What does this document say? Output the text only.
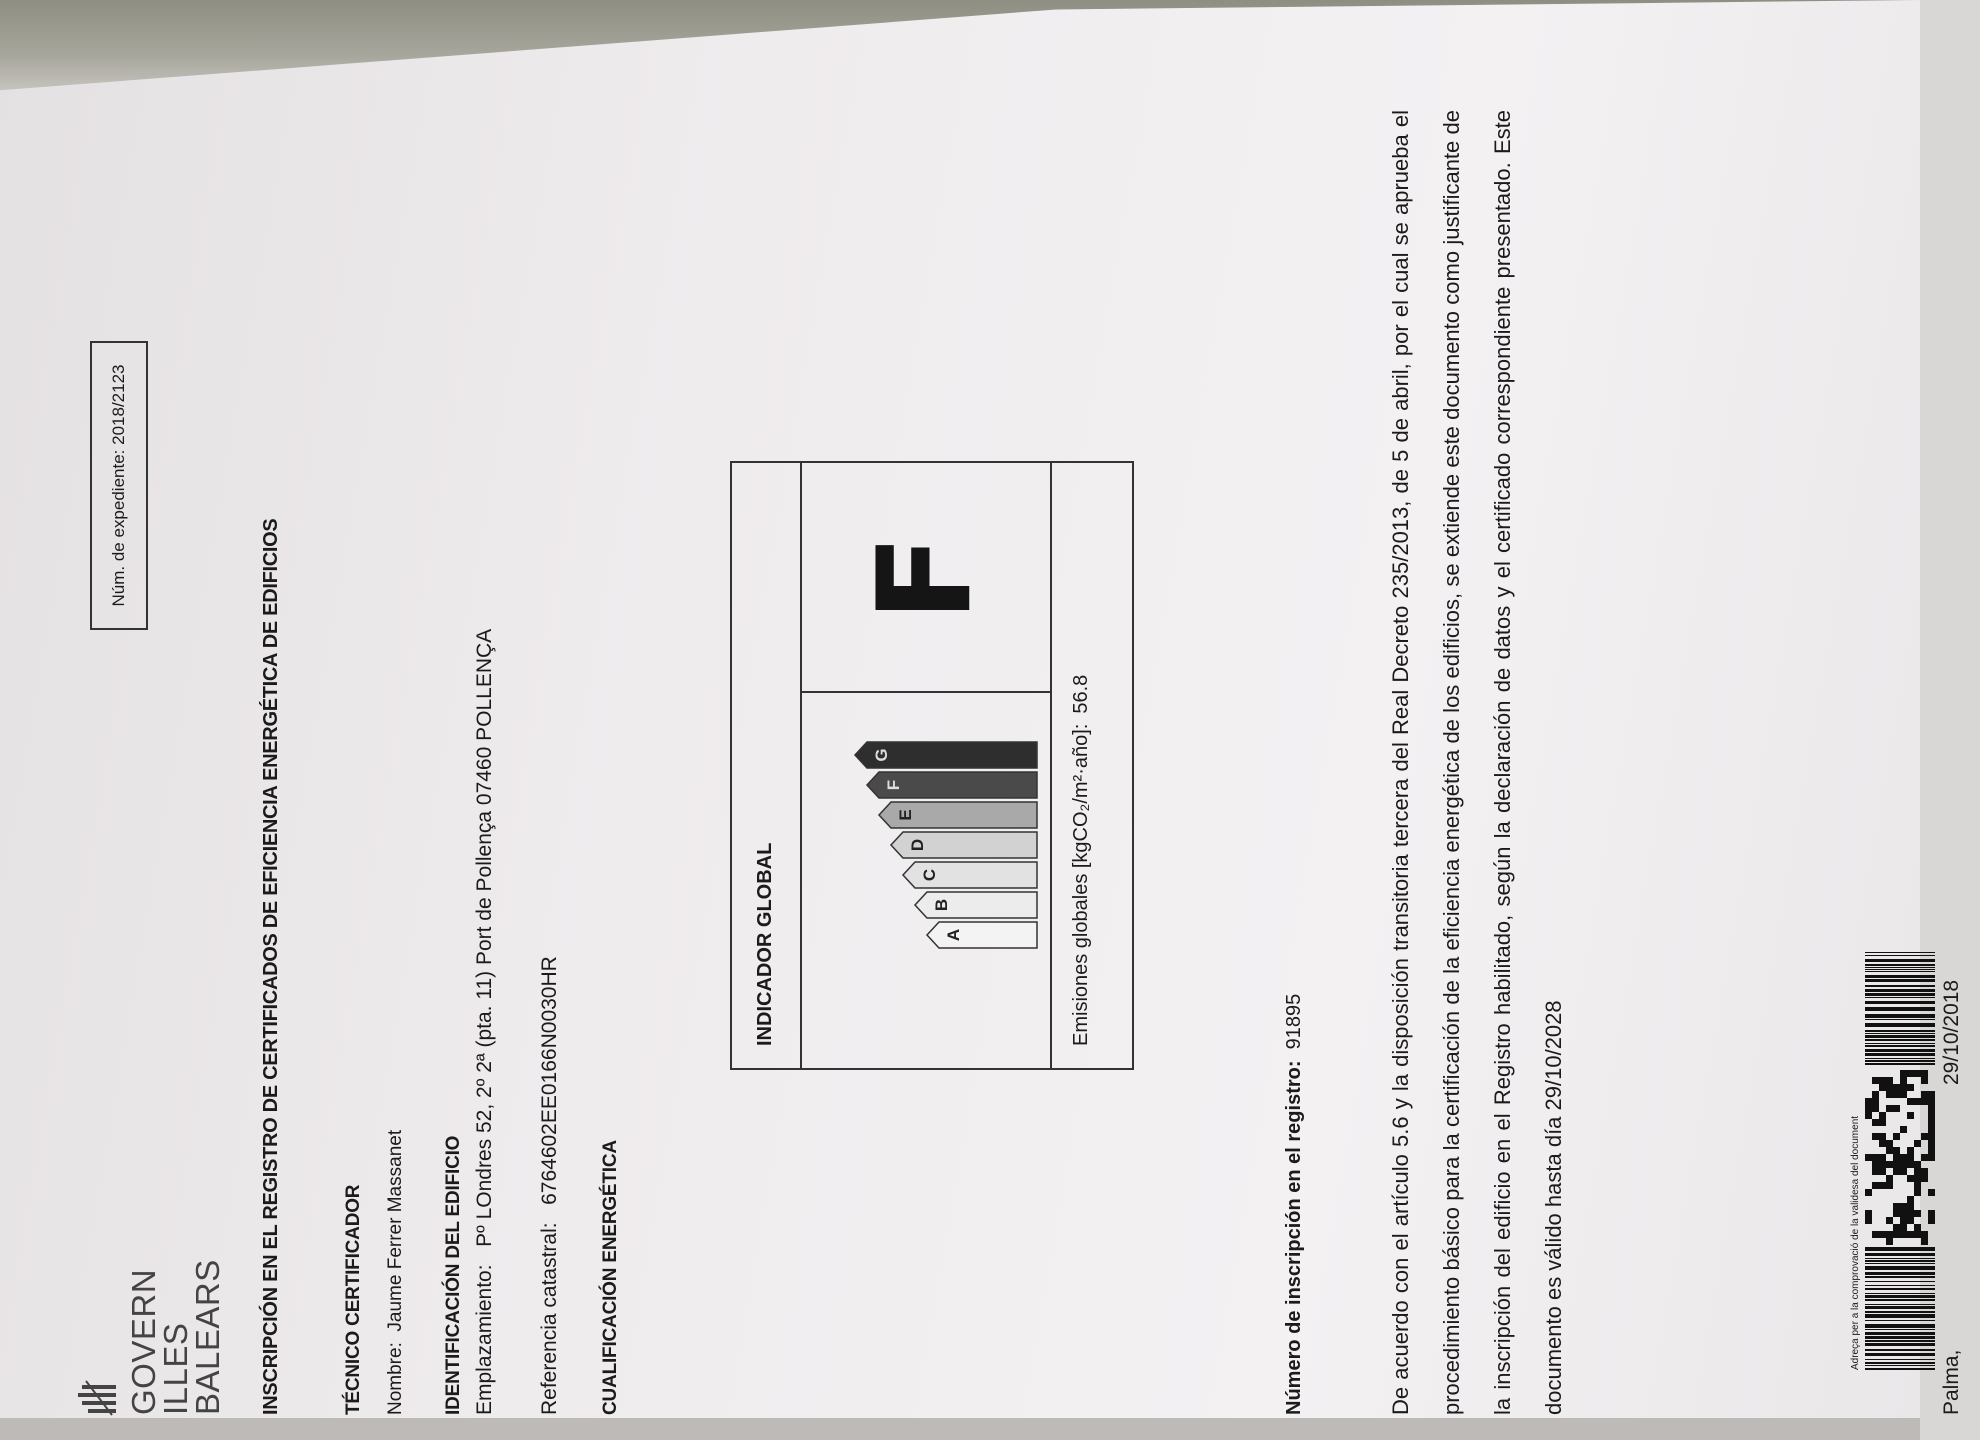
GOVERN
ILLES
BALEARS
Núm. de expediente:

2018/2123
INSCRIPCIÓN EN EL REGISTRO DE CERTIFICADOS DE EFICIENCIA ENERGÉTICA DE EDIFICIOS	TÉCNICO CERTIFICADOR Nombre:  Jaume Ferrer Massanet IDENTIFICACIÓN DEL EDIFICIO Emplazamiento:   Pº LOndres 52, 2º 2ª (pta. 11) Port de Pollença 07460 POLLENÇA
Referencia catastral:   6764602EE0166N0030HR
CUALIFICACIÓN ENERGÉTICA
INDICADOR GLOBAL	A
B
C
D
E
F
G
F
Emisiones globales [kgCO₂/m²·año]:56.8
Número de inscripción en el registro:  91895	De acuerdo con el artículo 5.6 y la disposición transitoria tercera del Real Decreto 235/2013, de 5 de abril, por el cual se aprueba el procedimiento básico para la certificación de la eficiencia energética de los edificios, se extiende este documento como justificante de la inscripción del edificio en el Registro habilitado, según la declaración de datos y el certificado correspondiente presentado. Este documento es válido hasta día 29/10/2028	Palma,
29/10/2018
Adreça per a la comprovació de la validesa del document
